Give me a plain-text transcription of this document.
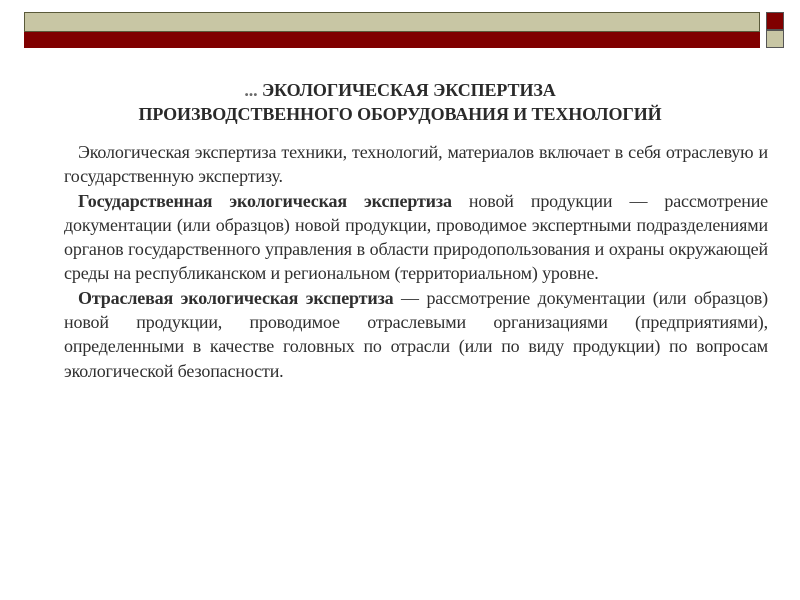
... ЭКОЛОГИЧЕСКАЯ ЭКСПЕРТИЗА
ПРОИЗВОДСТВЕННОГО ОБОРУДОВАНИЯ И ТЕХНОЛОГИЙ

Экологическая экспертиза техники, технологий, материалов включает в себя отраслевую и государственную экспертизу.

Государственная экологическая экспертиза новой продукции — рассмотрение документации (или образцов) новой продукции, проводимое экспертными подразделениями органов государственного управления в области природопользования и охраны окружающей среды на республиканском и региональном (территориальном) уровне.

Отраслевая экологическая экспертиза — рассмотрение документации (или образцов) новой продукции, проводимое отраслевыми организациями (предприятиями), определенными в качестве головных по отрасли (или по виду продукции) по вопросам экологической безопасности.
